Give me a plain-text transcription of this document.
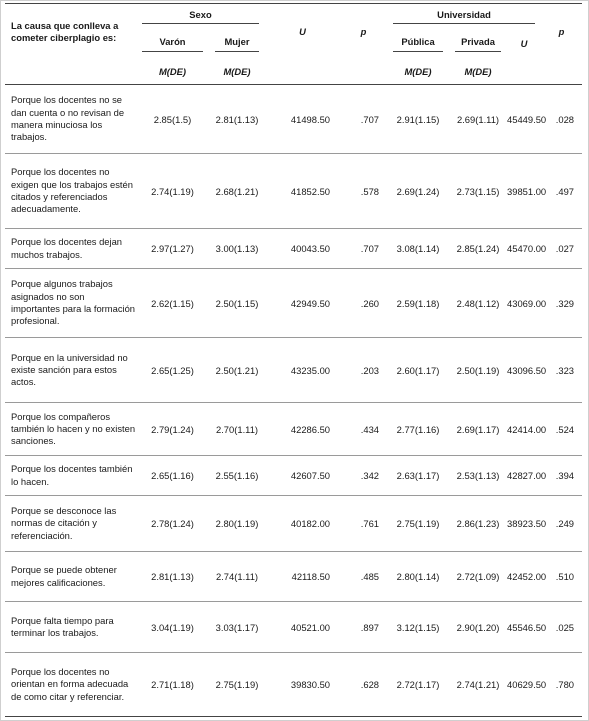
La causa que conlleva a cometer ciberplagio es:	Sexo		U	p	Universidad			p

	Varón	Mujer			Pública	Privada	U	
	M(DE)	M(DE)			M(DE)	M(DE)		
Porque los docentes no se dan cuenta o no revisan de manera minuciosa los trabajos.	2.85(1.5)	2.81(1.13)	41498.50	.707	2.91(1.15)	2.69(1.11)	45449.50	.028
Porque los docentes no exigen que los trabajos estén citados y referenciados adecuadamente.	2.74(1.19)	2.68(1.21)	41852.50	.578	2.69(1.24)	2.73(1.15)	39851.00	.497
Porque los docentes dejan muchos trabajos.	2.97(1.27)	3.00(1.13)	40043.50	.707	3.08(1.14)	2.85(1.24)	45470.00	.027
Porque algunos trabajos asignados no son importantes para la formación profesional.	2.62(1.15)	2.50(1.15)	42949.50	.260	2.59(1.18)	2.48(1.12)	43069.00	.329
Porque en la universidad no existe sanción para estos actos.	2.65(1.25)	2.50(1.21)	43235.00	.203	2.60(1.17)	2.50(1.19)	43096.50	.323
Porque los compañeros también lo hacen y no existen sanciones.	2.79(1.24)	2.70(1.11)	42286.50	.434	2.77(1.16)	2.69(1.17)	42414.00	.524
Porque los docentes también lo hacen.	2.65(1.16)	2.55(1.16)	42607.50	.342	2.63(1.17)	2.53(1.13)	42827.00	.394
Porque se desconoce las normas de citación y referenciación.	2.78(1.24)	2.80(1.19)	40182.00	.761	2.75(1.19)	2.86(1.23)	38923.50	.249
Porque se puede obtener mejores calificaciones.	2.81(1.13)	2.74(1.11)	42118.50	.485	2.80(1.14)	2.72(1.09)	42452.00	.510
Porque falta tiempo para terminar los trabajos.	3.04(1.19)	3.03(1.17)	40521.00	.897	3.12(1.15)	2.90(1.20)	45546.50	.025
Porque los docentes no orientan en forma adecuada de como citar y referenciar.	2.71(1.18)	2.75(1.19)	39830.50	.628	2.72(1.17)	2.74(1.21)	40629.50	.780
